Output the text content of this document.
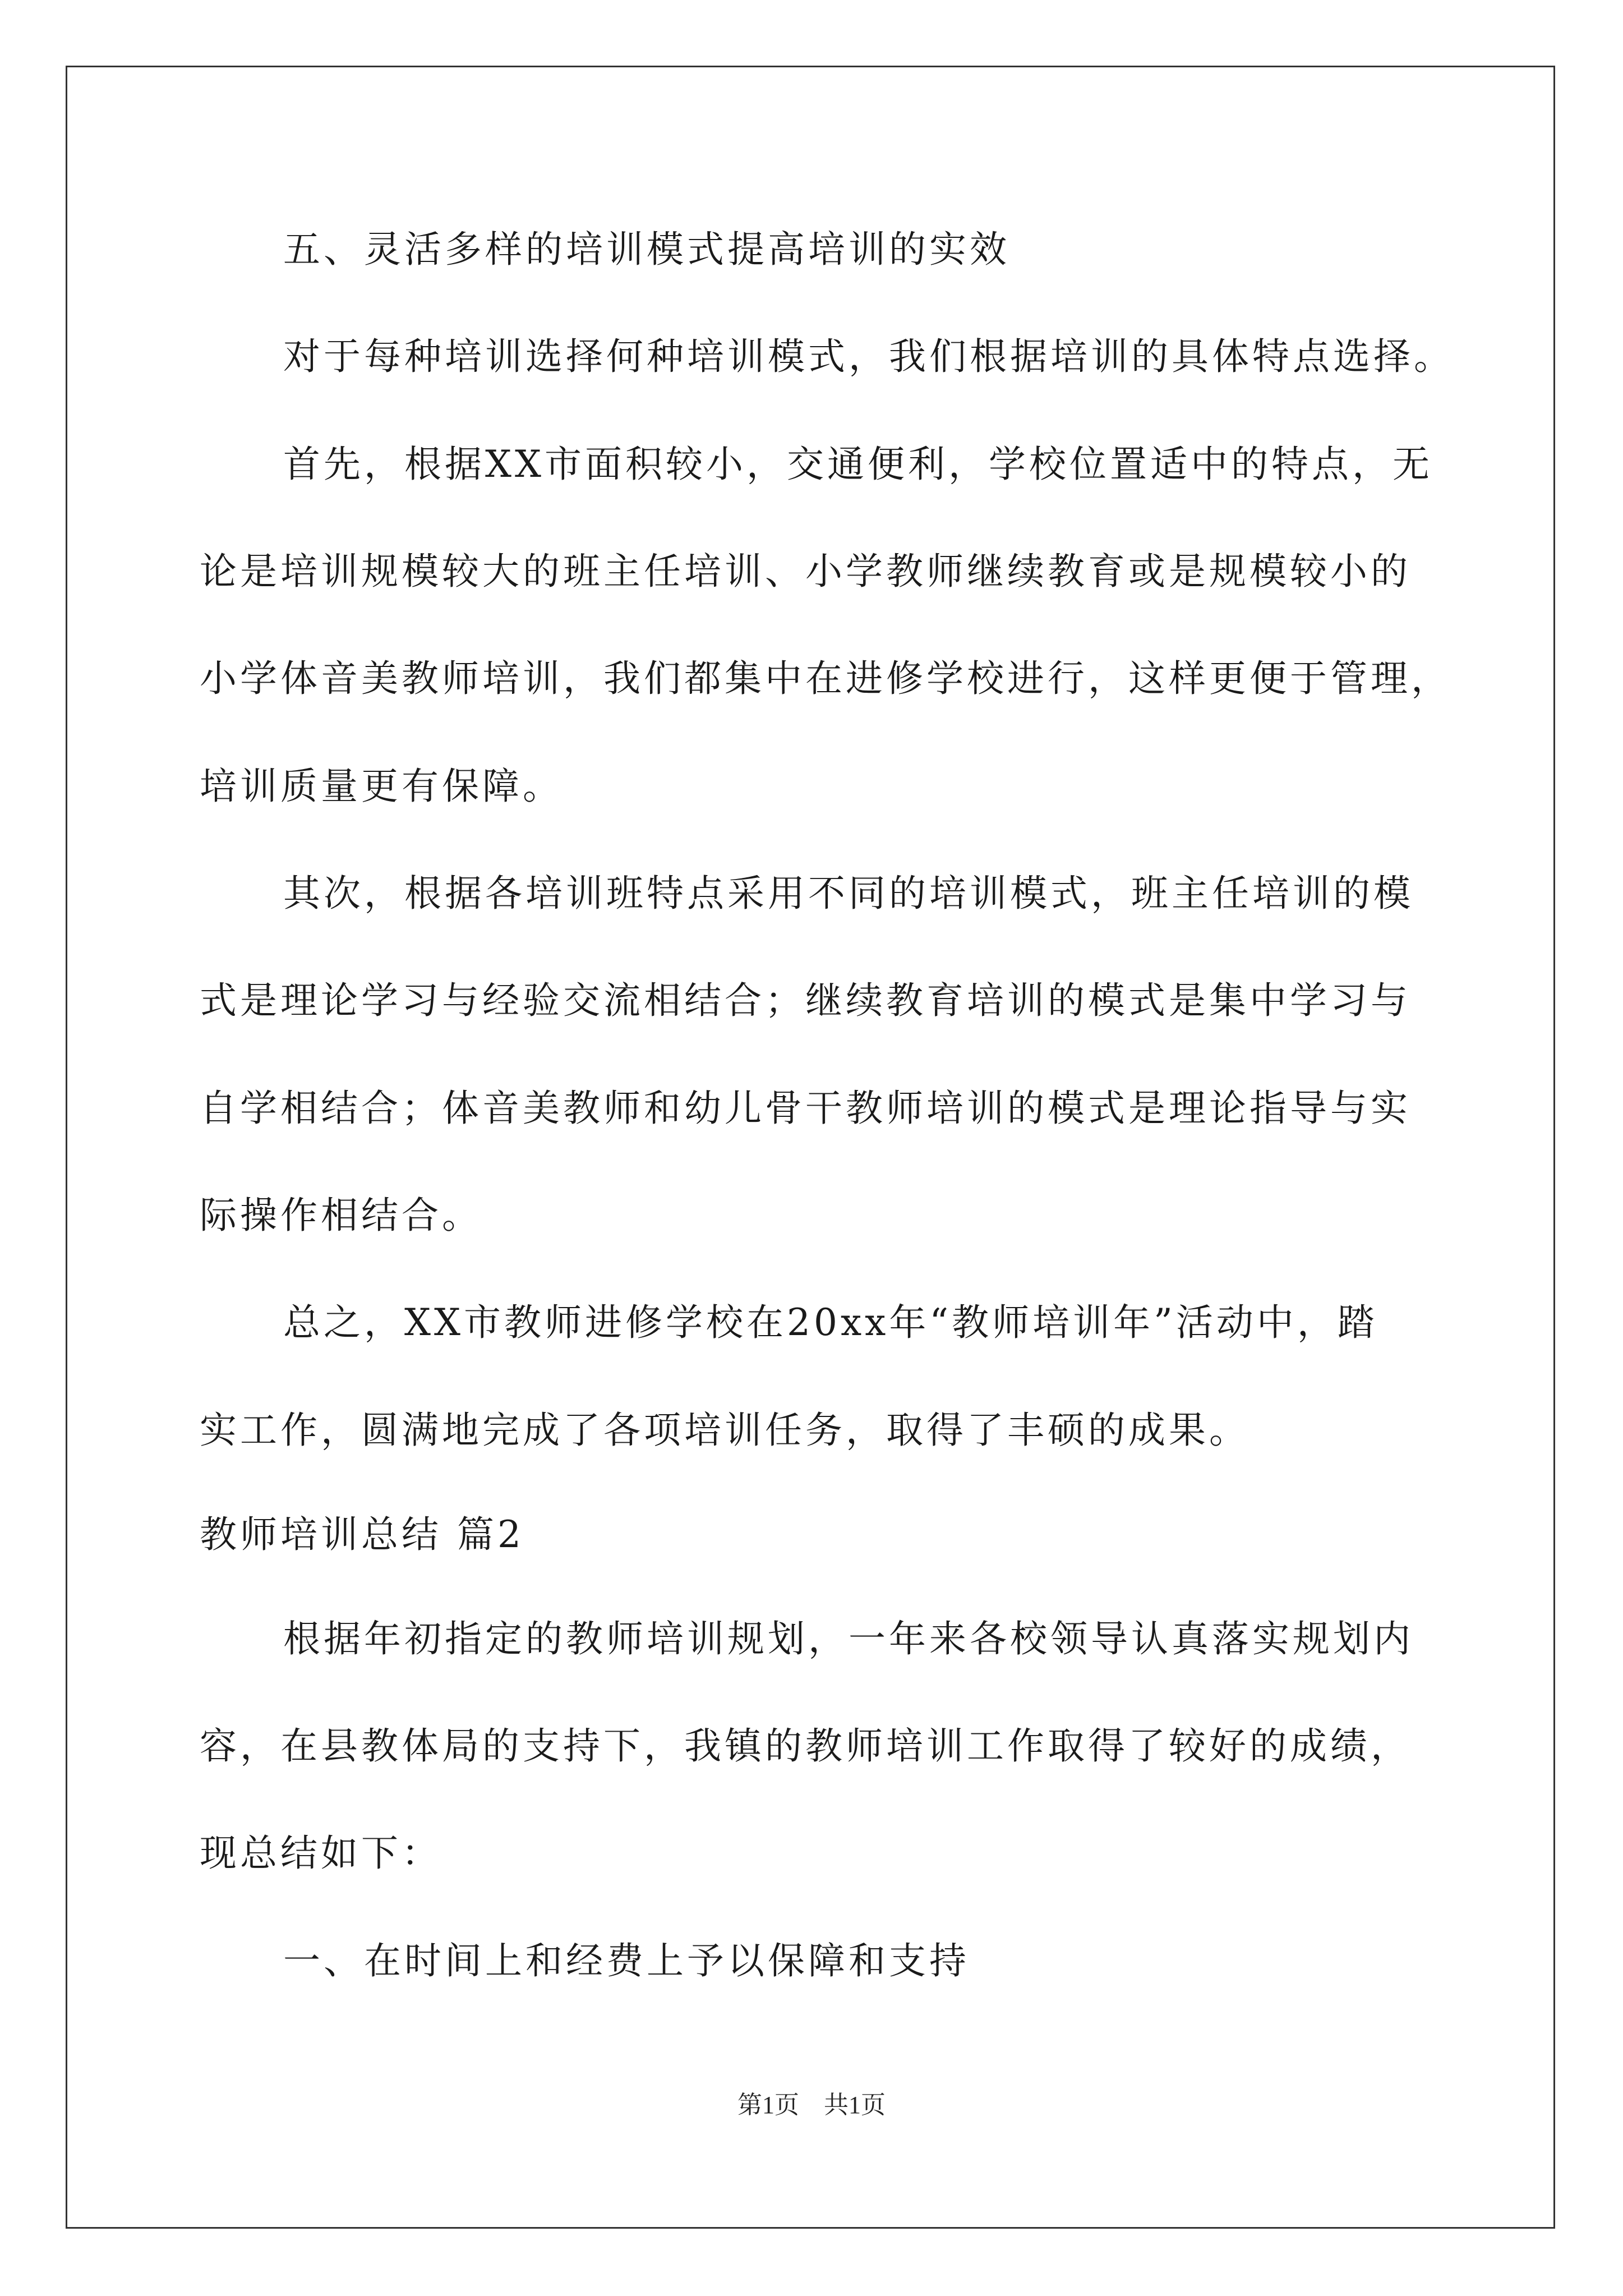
五、灵活多样的培训模式提高培训的实效
对于每种培训选择何种培训模式，我们根据培训的具体特点选择。
首先，根据XX市面积较小，交通便利，学校位置适中的特点，无
论是培训规模较大的班主任培训、小学教师继续教育或是规模较小的
小学体音美教师培训，我们都集中在进修学校进行，这样更便于管理，
培训质量更有保障。
其次，根据各培训班特点采用不同的培训模式，班主任培训的模
式是理论学习与经验交流相结合；继续教育培训的模式是集中学习与
自学相结合；体音美教师和幼儿骨干教师培训的模式是理论指导与实
际操作相结合。
总之，XX市教师进修学校在20xx年“教师培训年”活动中，踏
实工作，圆满地完成了各项培训任务，取得了丰硕的成果。
教师培训总结 篇2
根据年初指定的教师培训规划，一年来各校领导认真落实规划内
容，在县教体局的支持下，我镇的教师培训工作取得了较好的成绩，
现总结如下：
一、在时间上和经费上予以保障和支持
第1页　共1页
